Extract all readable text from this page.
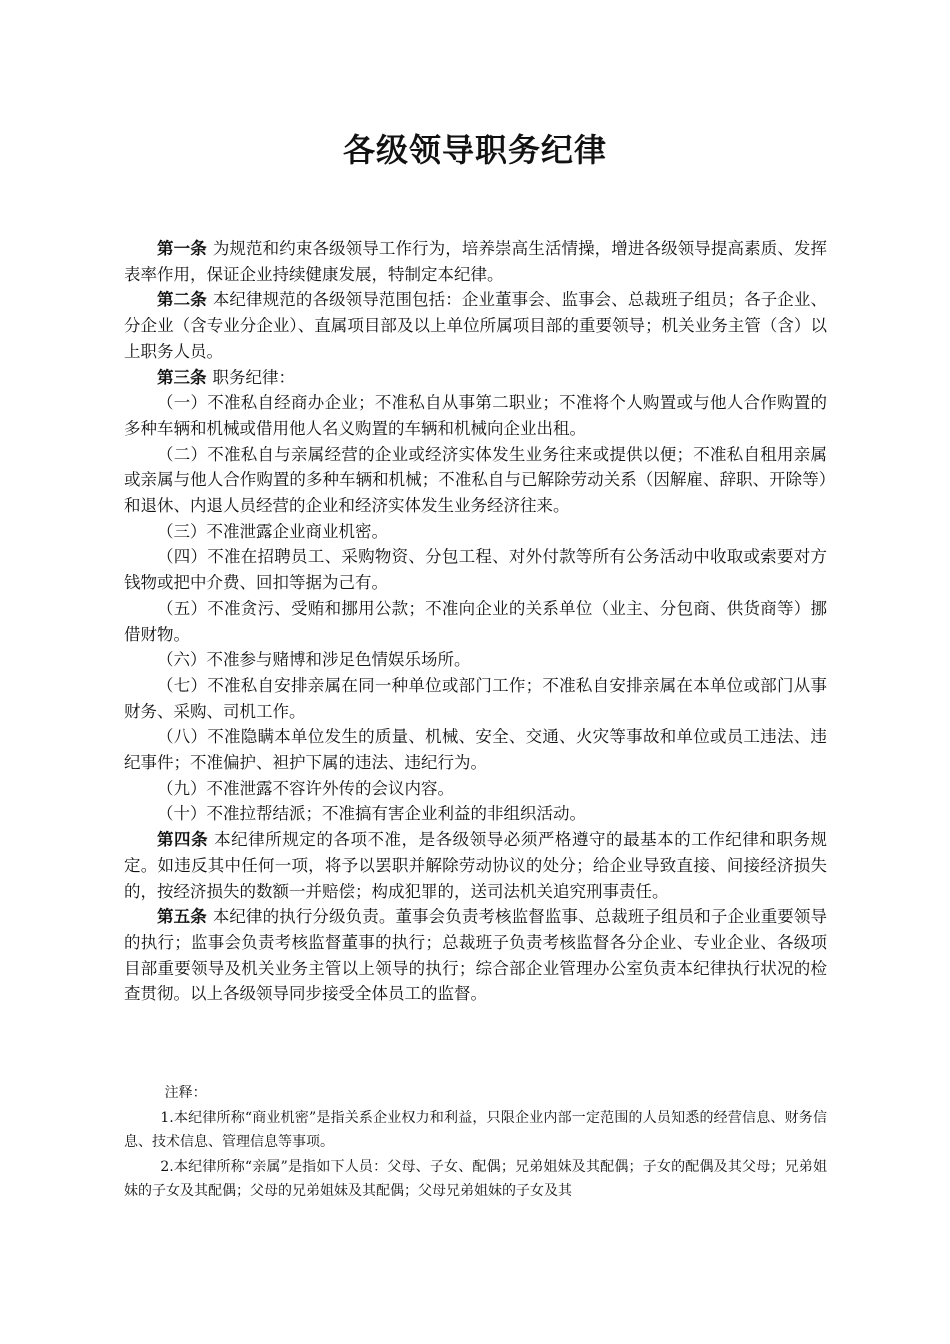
各级领导职务纪律

第一条 为规范和约束各级领导工作行为，培养崇高生活情操，增进各级领导提高素质、发挥表率作用，保证企业持续健康发展，特制定本纪律。

第二条 本纪律规范的各级领导范围包括：企业董事会、监事会、总裁班子组员；各子企业、分企业（含专业分企业）、直属项目部及以上单位所属项目部的重要领导；机关业务主管（含）以上职务人员。

第三条 职务纪律：

（一）不准私自经商办企业；不准私自从事第二职业；不准将个人购置或与他人合作购置的多种车辆和机械或借用他人名义购置的车辆和机械向企业出租。

（二）不准私自与亲属经营的企业或经济实体发生业务往来或提供以便；不准私自租用亲属或亲属与他人合作购置的多种车辆和机械；不准私自与已解除劳动关系（因解雇、辞职、开除等）和退休、内退人员经营的企业和经济实体发生业务经济往来。

（三）不准泄露企业商业机密。

（四）不准在招聘员工、采购物资、分包工程、对外付款等所有公务活动中收取或索要对方钱物或把中介费、回扣等据为己有。

（五）不准贪污、受贿和挪用公款；不准向企业的关系单位（业主、分包商、供货商等）挪借财物。

（六）不准参与赌博和涉足色情娱乐场所。

（七）不准私自安排亲属在同一种单位或部门工作；不准私自安排亲属在本单位或部门从事财务、采购、司机工作。

（八）不准隐瞒本单位发生的质量、机械、安全、交通、火灾等事故和单位或员工违法、违纪事件；不准偏护、袒护下属的违法、违纪行为。

（九）不准泄露不容许外传的会议内容。

（十）不准拉帮结派；不准搞有害企业利益的非组织活动。

第四条 本纪律所规定的各项不准，是各级领导必须严格遵守的最基本的工作纪律和职务规定。如违反其中任何一项，将予以罢职并解除劳动协议的处分；给企业导致直接、间接经济损失的，按经济损失的数额一并赔偿；构成犯罪的，送司法机关追究刑事责任。

第五条 本纪律的执行分级负责。董事会负责考核监督监事、总裁班子组员和子企业重要领导的执行；监事会负责考核监督董事的执行；总裁班子负责考核监督各分企业、专业企业、各级项目部重要领导及机关业务主管以上领导的执行；综合部企业管理办公室负责本纪律执行状况的检查贯彻。以上各级领导同步接受全体员工的监督。

注释：

1.本纪律所称“商业机密”是指关系企业权力和利益，只限企业内部一定范围的人员知悉的经营信息、财务信息、技术信息、管理信息等事项。

2.本纪律所称“亲属”是指如下人员：父母、子女、配偶；兄弟姐妹及其配偶；子女的配偶及其父母；兄弟姐妹的子女及其配偶；父母的兄弟姐妹及其配偶；父母兄弟姐妹的子女及其
